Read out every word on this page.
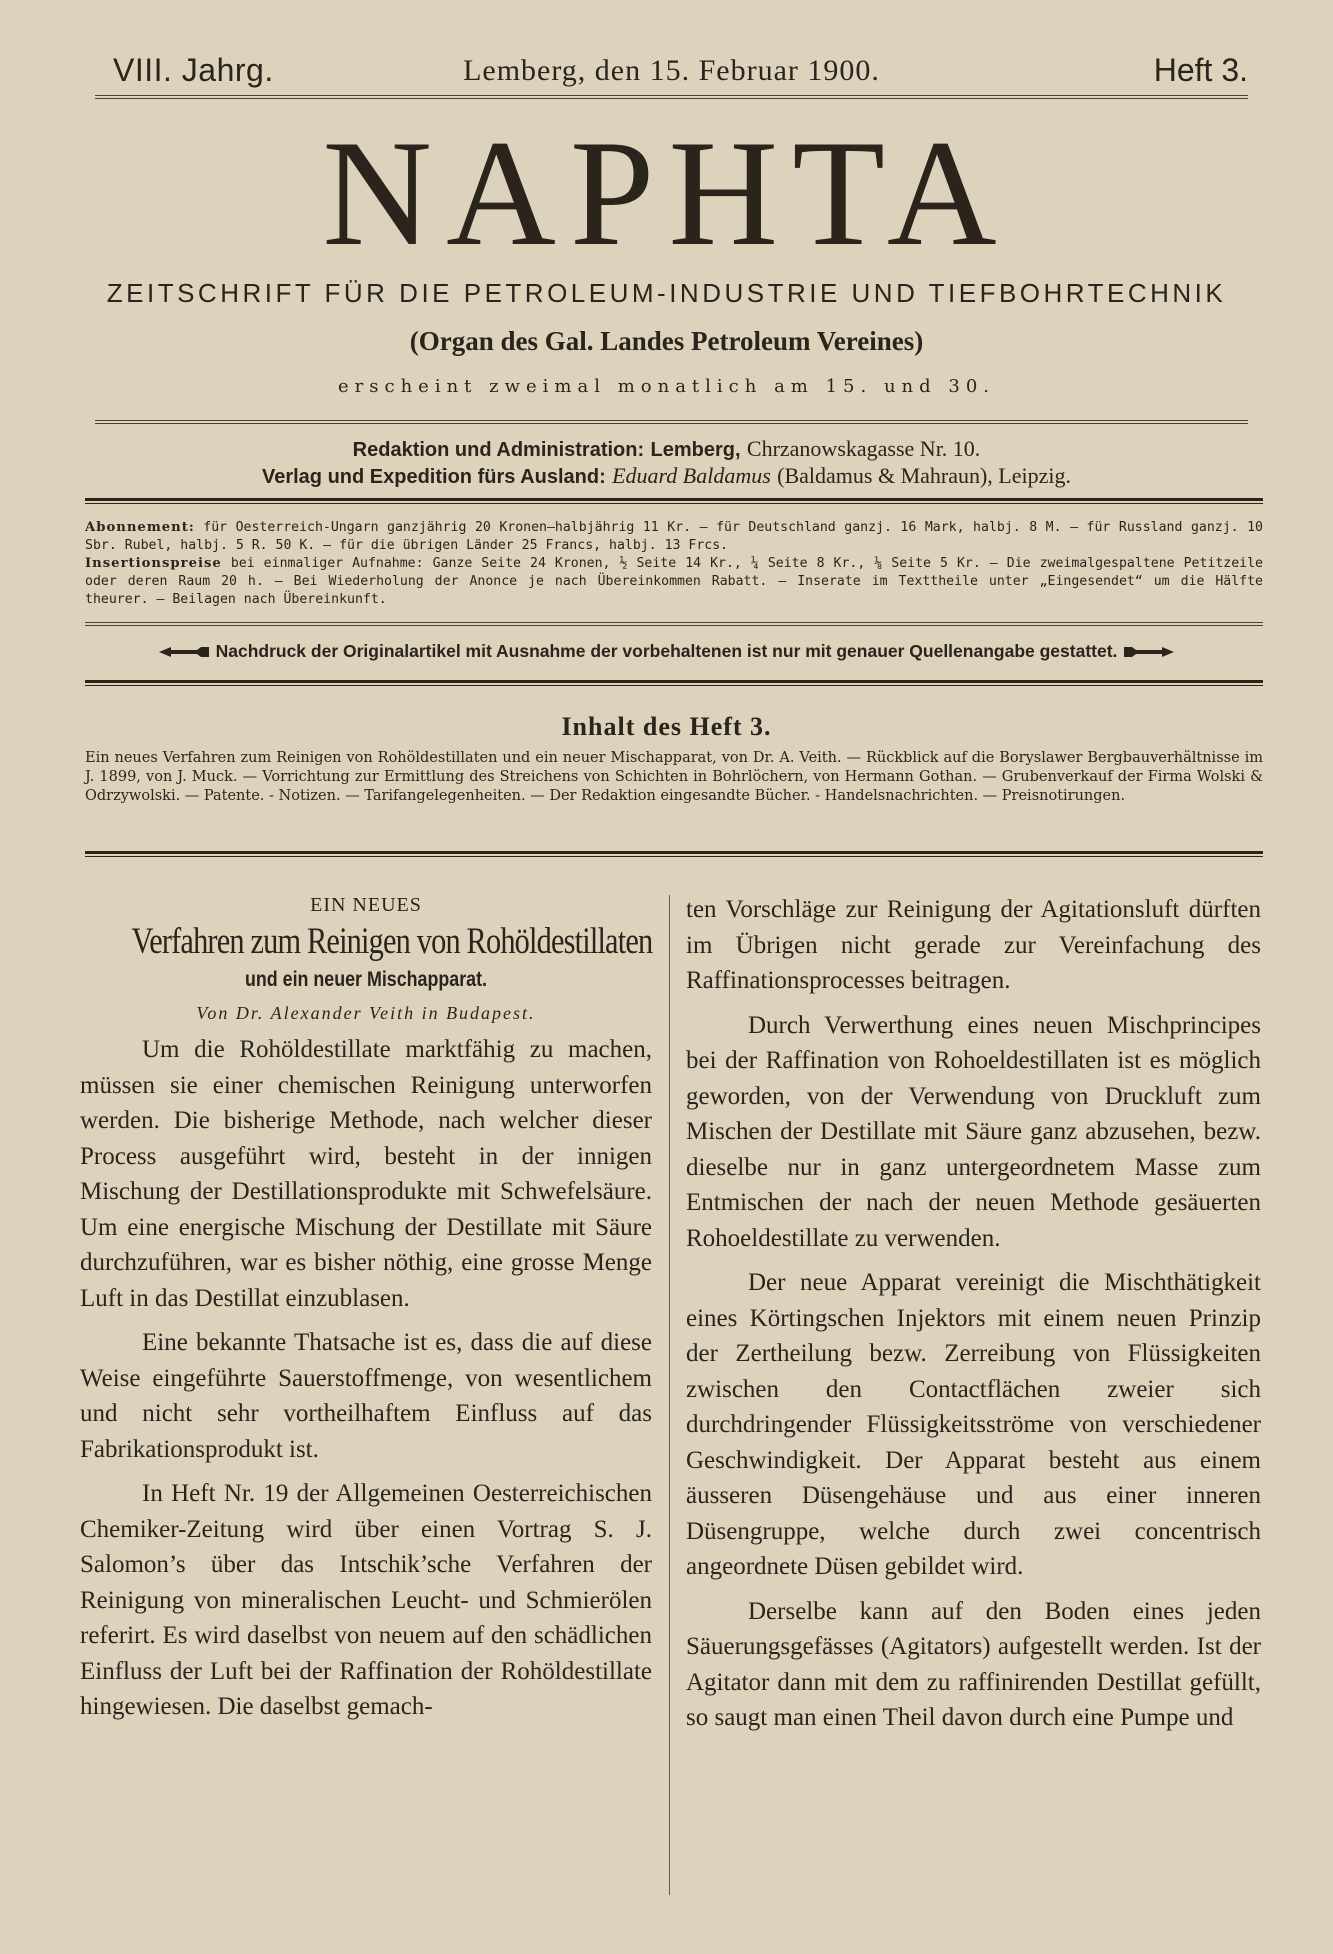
VIII. Jahrg.	Lemberg, den 15. Februar 1900.	Heft 3.
NAPHTA
ZEITSCHRIFT FÜR DIE PETROLEUM-INDUSTRIE UND TIEFBOHRTECHNIK
(Organ des Gal. Landes Petroleum Vereines)
erscheint zweimal monatlich am 15. und 30.
Redaktion und Administration: Lemberg, Chrzanowskagasse Nr. 10.
Verlag und Expedition fürs Ausland: Eduard Baldamus (Baldamus & Mahraun), Leipzig.
Abonnement: für Oesterreich-Ungarn ganzjährig 20 Kronen—halbjährig 11 Kr. — für Deutschland ganzj. 16 Mark, halbj. 8 M. — für Russland ganzj. 10 Sbr. Rubel, halbj. 5 R. 50 K. — für die übrigen Länder 25 Francs, halbj. 13 Frcs.
Insertionspreise bei einmaliger Aufnahme: Ganze Seite 24 Kronen, ½ Seite 14 Kr., ¼ Seite 8 Kr., ⅛ Seite 5 Kr. — Die zweimalgespaltene Petitzeile oder deren Raum 20 h. — Bei Wiederholung der Anonce je nach Übereinkommen Rabatt. — Inserate im Texttheile unter „Eingesendet“ um die Hälfte theurer. — Beilagen nach Übereinkunft.
Nachdruck der Originalartikel mit Ausnahme der vorbehaltenen ist nur mit genauer Quellenangabe gestattet.
Inhalt des Heft 3.
Ein neues Verfahren zum Reinigen von Rohöldestillaten und ein neuer Mischapparat, von Dr. A. Veith. — Rückblick auf die Boryslawer Bergbauverhältnisse im J. 1899, von J. Muck. — Vorrichtung zur Ermittlung des Streichens von Schichten in Bohrlöchern, von Hermann Gothan. — Grubenverkauf der Firma Wolski & Odrzywolski. — Patente. - Notizen. — Tarifangelegenheiten. — Der Redaktion eingesandte Bücher. - Handelsnachrichten. — Preisnotirungen.

EIN NEUES

Verfahren zum Reinigen von Rohöldestillaten

und ein neuer Mischapparat.

Von Dr. Alexander Veith in Budapest.

Um die Rohöldestillate marktfähig zu machen, müssen sie einer chemischen Reinigung unterworfen werden. Die bisherige Methode, nach welcher dieser Process ausgeführt wird, besteht in der innigen Mischung der Destillationsprodukte mit Schwefelsäure. Um eine energische Mischung der Destillate mit Säure durchzuführen, war es bisher nöthig, eine grosse Menge Luft in das Destillat einzublasen.

Eine bekannte Thatsache ist es, dass die auf diese Weise eingeführte Sauerstoffmenge, von wesentlichem und nicht sehr vortheilhaftem Einfluss auf das Fabrikationsprodukt ist.

In Heft Nr. 19 der Allgemeinen Oesterreichischen Chemiker-Zeitung wird über einen Vortrag S. J. Salomon’s über das Intschik’sche Verfahren der Reinigung von mineralischen Leucht- und Schmierölen referirt. Es wird daselbst von neuem auf den schädlichen Einfluss der Luft bei der Raffination der Rohöldestillate hingewiesen. Die daselbst gemach-

ten Vorschläge zur Reinigung der Agitationsluft dürften im Übrigen nicht gerade zur Vereinfachung des Raffinationsprocesses beitragen.

Durch Verwerthung eines neuen Mischprincipes bei der Raffination von Rohoeldestillaten ist es möglich geworden, von der Verwendung von Druckluft zum Mischen der Destillate mit Säure ganz abzusehen, bezw. dieselbe nur in ganz untergeordnetem Masse zum Entmischen der nach der neuen Methode gesäuerten Rohoeldestillate zu verwenden.

Der neue Apparat vereinigt die Mischthätigkeit eines Körtingschen Injektors mit einem neuen Prinzip der Zertheilung bezw. Zerreibung von Flüssigkeiten zwischen den Contactflächen zweier sich durchdringender Flüssigkeitsströme von verschiedener Geschwindigkeit. Der Apparat besteht aus einem äusseren Düsengehäuse und aus einer inneren Düsengruppe, welche durch zwei concentrisch angeordnete Düsen gebildet wird.

Derselbe kann auf den Boden eines jeden Säuerungsgefässes (Agitators) aufgestellt werden. Ist der Agitator dann mit dem zu raffinirenden Destillat gefüllt, so saugt man einen Theil davon durch eine Pumpe und
